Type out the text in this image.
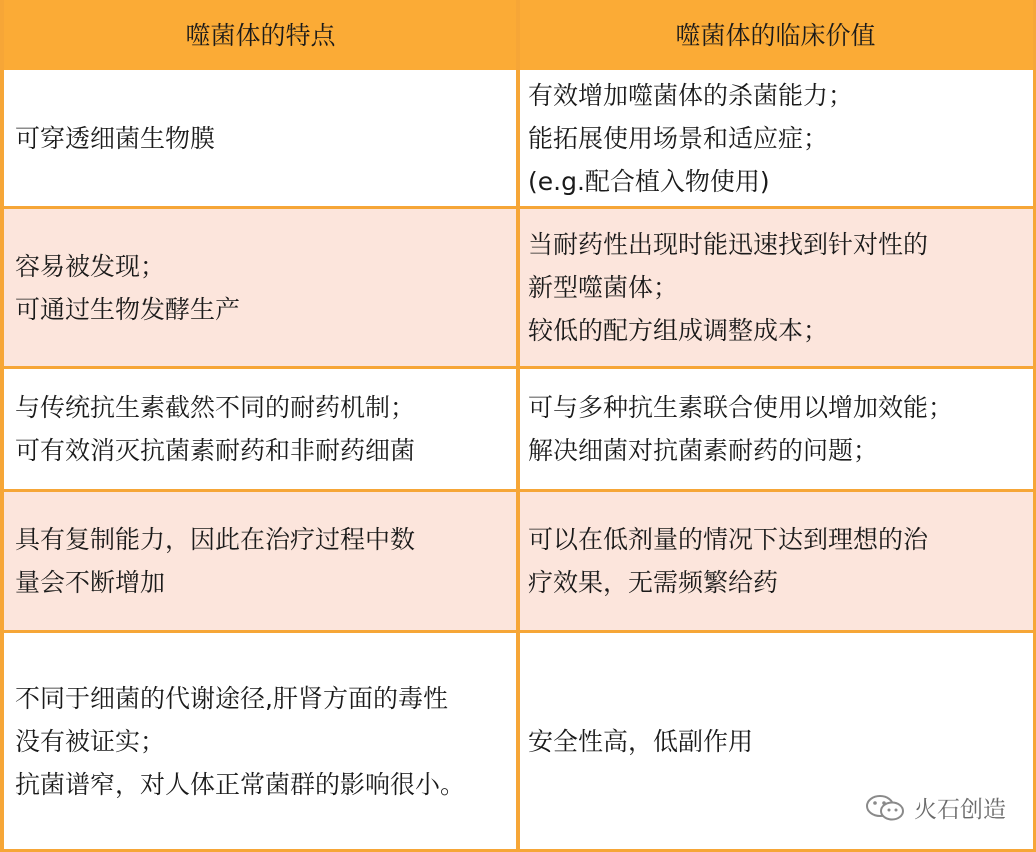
噬菌体的特点	噬菌体的临床价值
可穿透细菌生物膜
有效增加噬菌体的杀菌能力；
能拓展使用场景和适应症；
(e.g.配合植入物使用)
容易被发现；
可通过生物发酵生产
当耐药性出现时能迅速找到针对性的
新型噬菌体；
较低的配方组成调整成本；
与传统抗生素截然不同的耐药机制；
可有效消灭抗菌素耐药和非耐药细菌
可与多种抗生素联合使用以增加效能；
解决细菌对抗菌素耐药的问题；
具有复制能力，因此在治疗过程中数
量会不断增加
可以在低剂量的情况下达到理想的治
疗效果，无需频繁给药
不同于细菌的代谢途径,肝肾方面的毒性
没有被证实；
抗菌谱窄，对人体正常菌群的影响很小。
安全性高，低副作用
火石创造
